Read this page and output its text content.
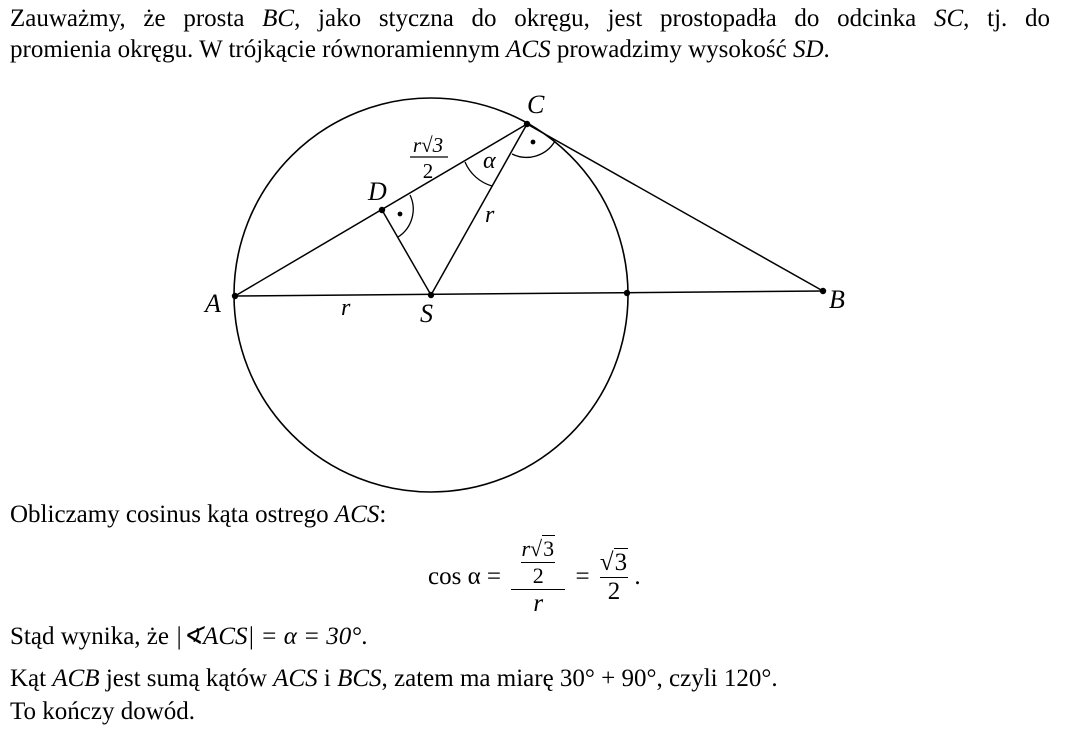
Zauważmy, że prosta BC, jako styczna do okręgu, jest prostopadła do odcinka SC, tj. do
promienia okręgu. W trójkącie równoramiennym ACS prowadzimy wysokość SD.
A	B
C
D
S
r
r
α
r√3
2
Obliczamy cosinus kąta ostrego ACS:
$\cos \alpha = \frac{\frac{r√3}{2}}{r} = \frac{√3}{2}$ .
Stąd wynika, że |∢ACS| = α = 30°.
Kąt ACB jest sumą kątów ACS i BCS, zatem ma miarę 30° + 90°, czyli 120°.
To kończy dowód.
